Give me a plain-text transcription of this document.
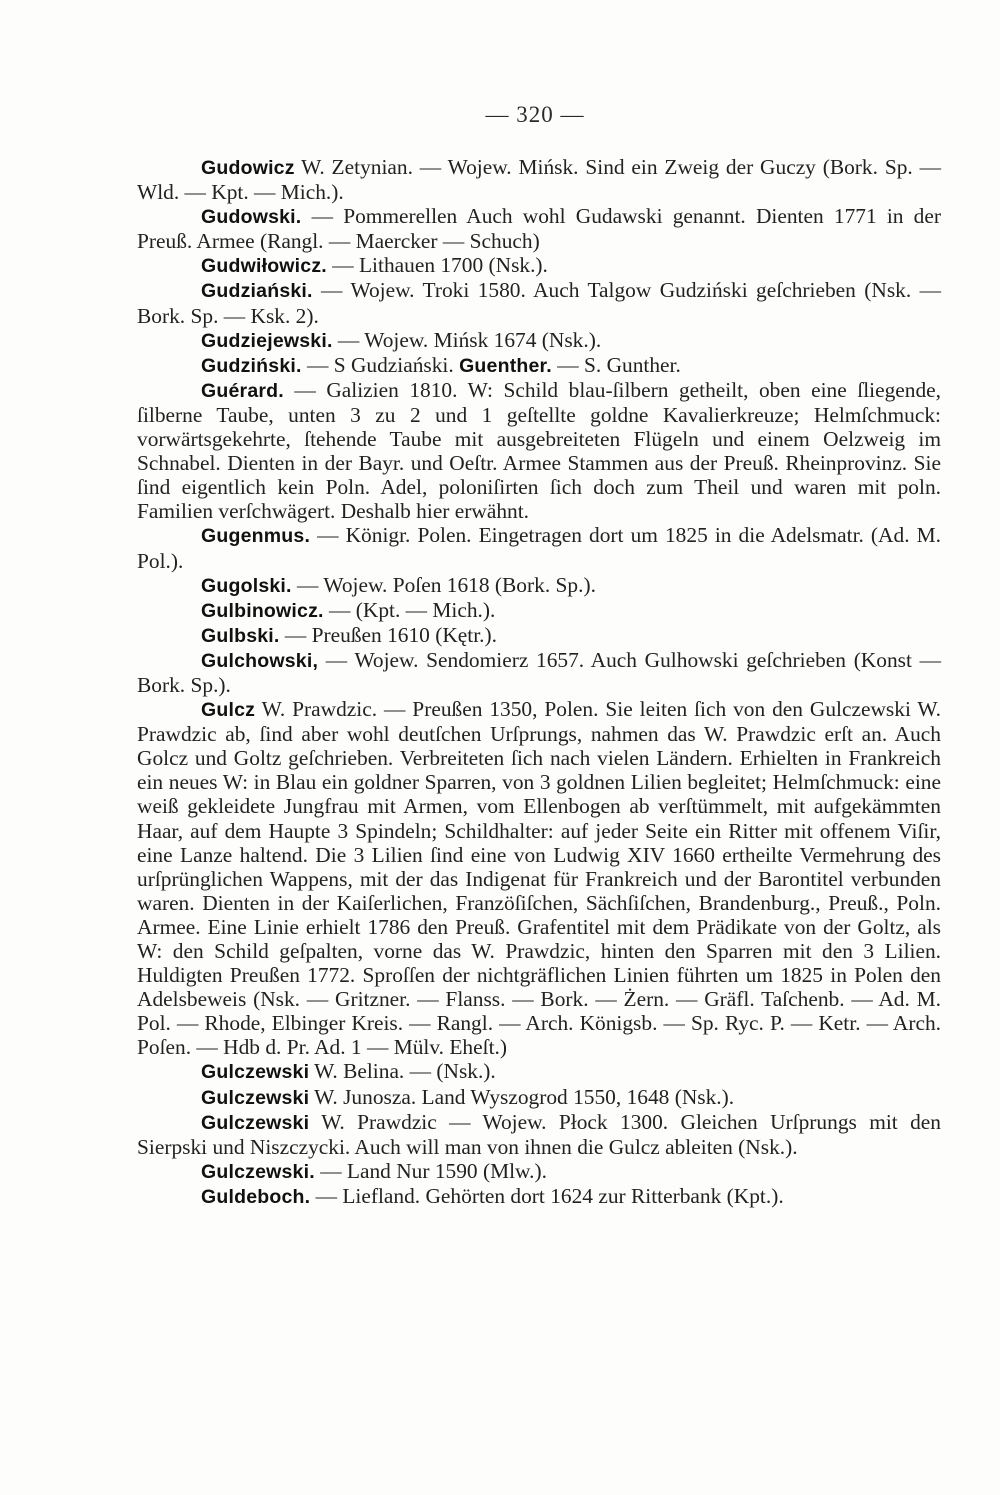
— 320 —

Gudowicz W. Zetynian. — Wojew. Mińsk. Sind ein Zweig der Guczy (Bork. Sp. — Wld. — Kpt. — Mich.).

Gudowski. — Pommerellen Auch wohl Gudawski genannt. Dienten 1771 in der Preuß. Armee (Rangl. — Maercker — Schuch)

Gudwiłowicz. — Lithauen 1700 (Nsk.).

Gudziański. — Wojew. Troki 1580. Auch Talgow Gudziński geſchrieben (Nsk. — Bork. Sp. — Ksk. 2).

Gudziejewski. — Wojew. Mińsk 1674 (Nsk.).

Gudziński. — S Gudziański. Guenther. — S. Gunther.

Guérard. — Galizien 1810. W: Schild blau-ſilbern getheilt, oben eine ſliegende, ſilberne Taube, unten 3 zu 2 und 1 geſtellte goldne Kavalierkreuze; Helmſchmuck: vorwärtsgekehrte, ſtehende Taube mit ausgebreiteten Flügeln und einem Oelzweig im Schnabel. Dienten in der Bayr. und Oeſtr. Armee Stammen aus der Preuß. Rheinprovinz. Sie ſind eigentlich kein Poln. Adel, poloniſirten ſich doch zum Theil und waren mit poln. Familien verſchwägert. Deshalb hier erwähnt.

Gugenmus. — Königr. Polen. Eingetragen dort um 1825 in die Adelsmatr. (Ad. M. Pol.).

Gugolski. — Wojew. Poſen 1618 (Bork. Sp.).

Gulbinowicz. — (Kpt. — Mich.).

Gulbski. — Preußen 1610 (Kętr.).

Gulchowski, — Wojew. Sendomierz 1657. Auch Gulhowski geſchrieben (Konst — Bork. Sp.).

Gulcz W. Prawdzic. — Preußen 1350, Polen. Sie leiten ſich von den Gulczewski W. Prawdzic ab, ſind aber wohl deutſchen Urſprungs, nahmen das W. Prawdzic erſt an. Auch Golcz und Goltz geſchrieben. Verbreiteten ſich nach vielen Ländern. Erhielten in Frankreich ein neues W: in Blau ein goldner Sparren, von 3 goldnen Lilien begleitet; Helmſchmuck: eine weiß gekleidete Jungfrau mit Armen, vom Ellenbogen ab verſtümmelt, mit aufgekämmten Haar, auf dem Haupte 3 Spindeln; Schildhalter: auf jeder Seite ein Ritter mit offenem Viſir, eine Lanze haltend. Die 3 Lilien ſind eine von Ludwig XIV 1660 ertheilte Vermehrung des urſprünglichen Wappens, mit der das Indigenat für Frankreich und der Barontitel verbunden waren. Dienten in der Kaiſerlichen, Franzöſiſchen, Sächſiſchen, Brandenburg., Preuß., Poln. Armee. Eine Linie erhielt 1786 den Preuß. Grafentitel mit dem Prädikate von der Goltz, als W: den Schild geſpalten, vorne das W. Prawdzic, hinten den Sparren mit den 3 Lilien. Huldigten Preußen 1772. Sproſſen der nichtgräflichen Linien führten um 1825 in Polen den Adelsbeweis (Nsk. — Gritzner. — Flanss. — Bork. — Żern. — Gräfl. Taſchenb. — Ad. M. Pol. — Rhode, Elbinger Kreis. — Rangl. — Arch. Königsb. — Sp. Ryc. P. — Ketr. — Arch. Poſen. — Hdb d. Pr. Ad. 1 — Mülv. Eheſt.)

Gulczewski W. Belina. — (Nsk.).

Gulczewski W. Junosza. Land Wyszogrod 1550, 1648 (Nsk.).

Gulczewski W. Prawdzic — Wojew. Płock 1300. Gleichen Urſprungs mit den Sierpski und Niszczycki. Auch will man von ihnen die Gulcz ableiten (Nsk.).

Gulczewski. — Land Nur 1590 (Mlw.).

Guldeboch. — Liefland. Gehörten dort 1624 zur Ritterbank (Kpt.).
